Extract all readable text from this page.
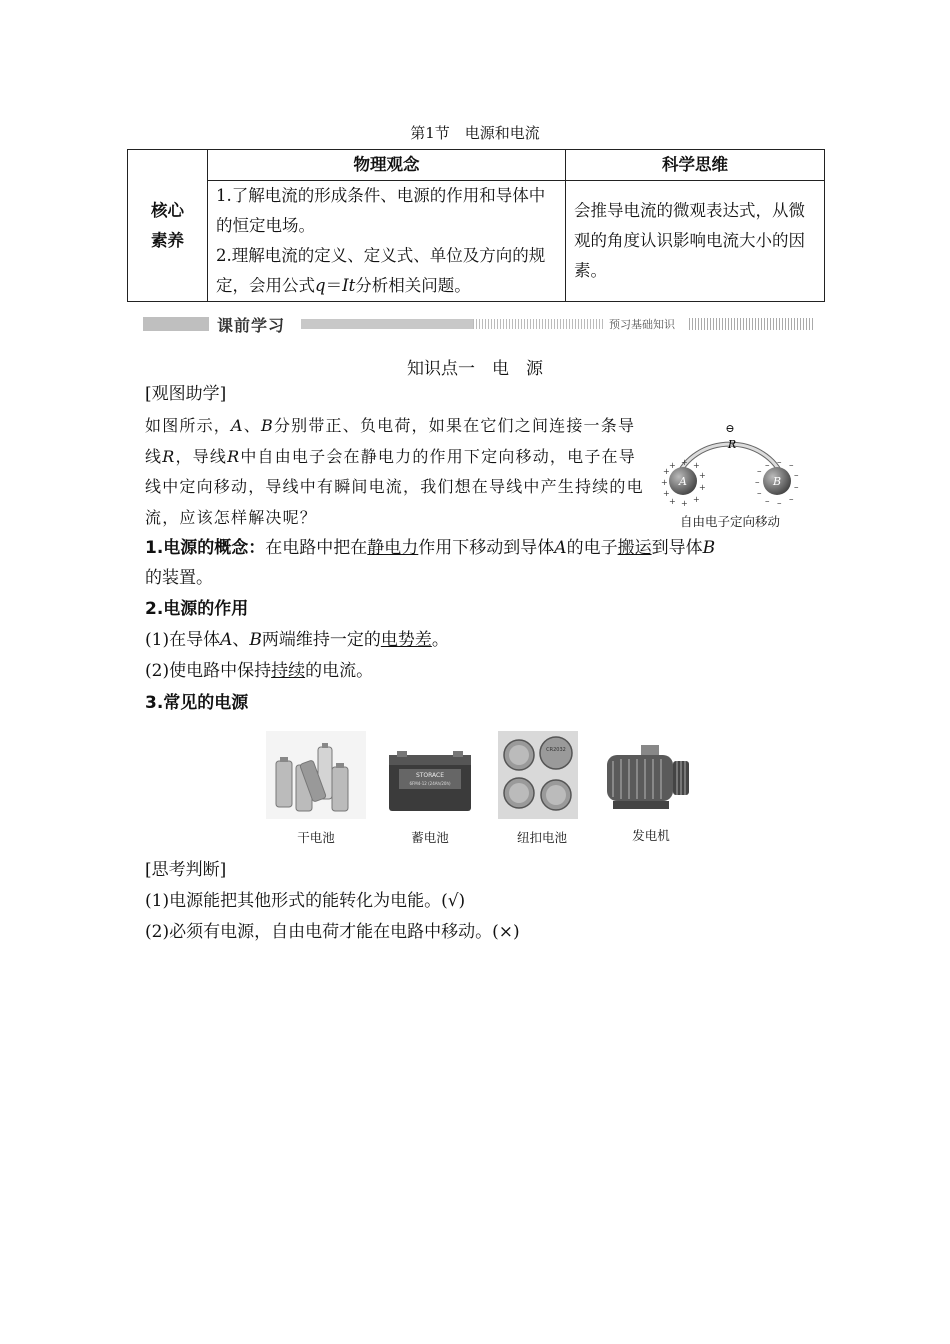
第1节　电源和电流
核心
素养	物理观念	科学思维

	1.了解电流的形成条件、电源的作用和导体中的恒定电场。
2.理解电流的定义、定义式、单位及方向的规定，会用公式q＝It分析相关问题。	会推导电流的微观表达式，从微观的角度认识影响电流大小的因素。
课前学习	预习基础知识
知识点一　电　源
[观图助学]
如图所示，A、B分别带正、负电荷，如果在它们之间连接一条导线R，导线R中自由电子会在静电力的作用下定向移动，电子在导线中定向移动，导线中有瞬间电流，我们想在导线中产生持续的电流，应该怎样解决呢？
⊖
R
A	B
+
+
+
+
+
+
+
+
+
+
+
–
–
–
–
–
–
–
–
–
–
–
自由电子定向移动
1.电源的概念：在电路中把在静电力作用下移动到导体A的电子搬运到导体B
的装置。
2.电源的作用
(1)在导体A、B两端维持一定的电势差。
(2)使电路中保持持续的电流。
3.常见的电源
STORACE
6FM4-12 (24Ah/20h)
CR2032
干电池	蓄电池	纽扣电池	发电机
[思考判断]
(1)电源能把其他形式的能转化为电能。(√)
(2)必须有电源，自由电荷才能在电路中移动。(×)
